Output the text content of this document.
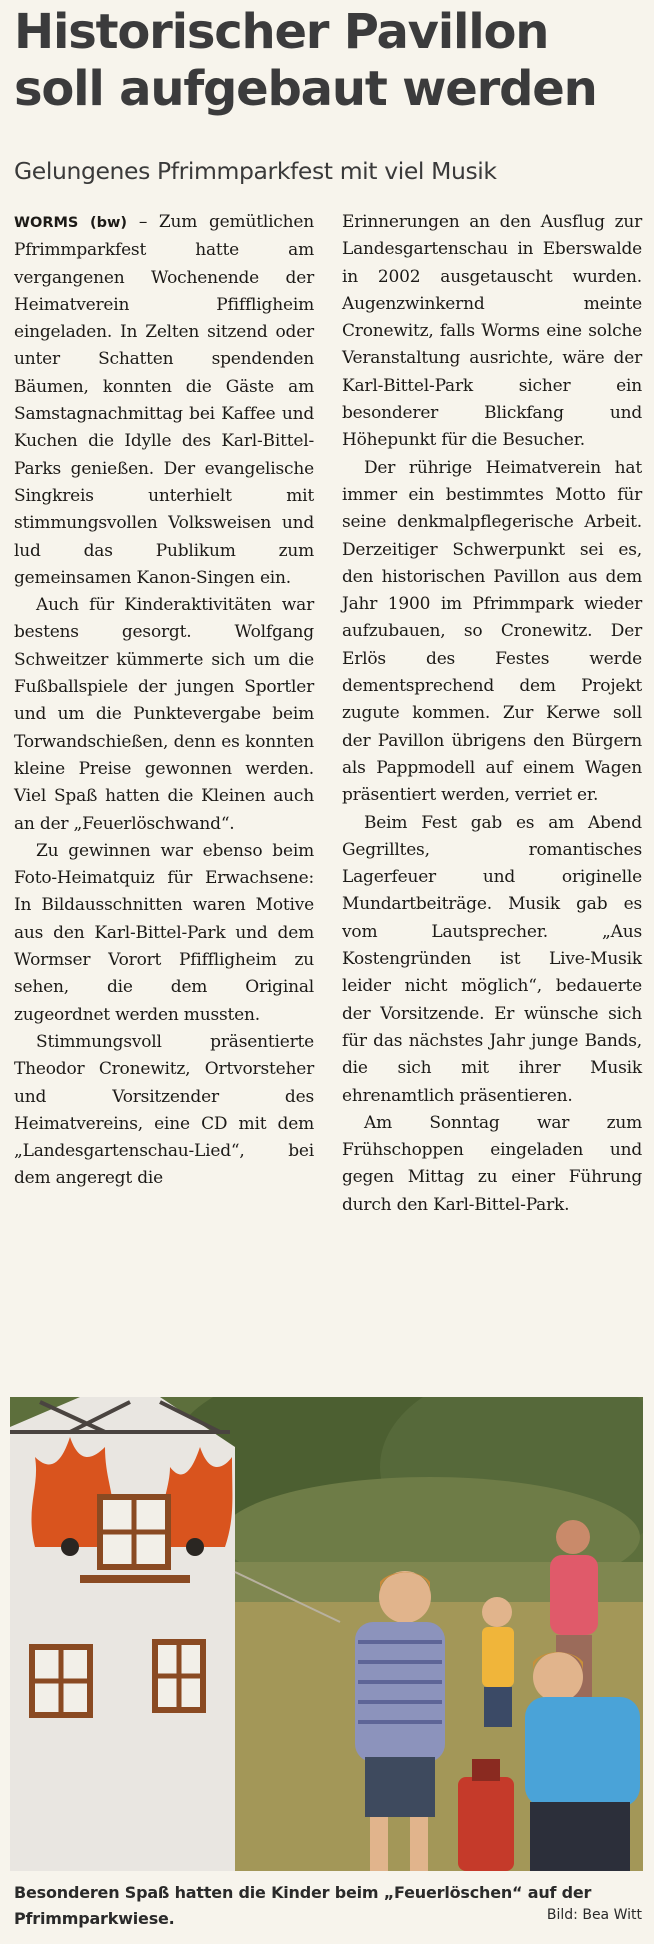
Historischer Pavillon
soll aufgebaut werden
Gelungenes Pfrimmparkfest mit viel Musik

WORMS (bw) – Zum gemütlichen Pfrimmparkfest hatte am vergangenen Wochenende der Heimatverein Pfiffligheim eingeladen. In Zelten sitzend oder unter Schatten spendenden Bäumen, konnten die Gäste am Samstagnachmittag bei Kaffee und Kuchen die Idylle des Karl-Bittel-Parks genießen. Der evangelische Singkreis unterhielt mit stimmungsvollen Volksweisen und lud das Publikum zum gemeinsamen Kanon-Singen ein.

Auch für Kinderaktivitäten war bestens gesorgt. Wolfgang Schweitzer kümmerte sich um die Fußballspiele der jungen Sportler und um die Punktevergabe beim Torwandschießen, denn es konnten kleine Preise gewonnen werden. Viel Spaß hatten die Kleinen auch an der „Feuerlöschwand“.

Zu gewinnen war ebenso beim Foto-Heimatquiz für Erwachsene: In Bildausschnitten waren Motive aus den Karl-Bittel-Park und dem Wormser Vorort Pfiffligheim zu sehen, die dem Original zugeordnet werden mussten.

Stimmungsvoll präsentierte Theodor Cronewitz, Ortvorsteher und Vorsitzender des Heimatvereins, eine CD mit dem „Landesgartenschau-Lied“, bei dem angeregt die

Erinnerungen an den Ausflug zur Landesgartenschau in Eberswalde in 2002 ausgetauscht wurden. Augenzwinkernd meinte Cronewitz, falls Worms eine solche Veranstaltung ausrichte, wäre der Karl-Bittel-Park sicher ein besonderer Blickfang und Höhepunkt für die Besucher.

Der rührige Heimatverein hat immer ein bestimmtes Motto für seine denkmalpflegerische Arbeit. Derzeitiger Schwerpunkt sei es, den historischen Pavillon aus dem Jahr 1900 im Pfrimmpark wieder aufzubauen, so Cronewitz. Der Erlös des Festes werde dementsprechend dem Projekt zugute kommen. Zur Kerwe soll der Pavillon übrigens den Bürgern als Pappmodell auf einem Wagen präsentiert werden, verriet er.

Beim Fest gab es am Abend Gegrilltes, romantisches Lagerfeuer und originelle Mundartbeiträge. Musik gab es vom Lautsprecher. „Aus Kostengründen ist Live-Musik leider nicht möglich“, bedauerte der Vorsitzende. Er wünsche sich für das nächstes Jahr junge Bands, die sich mit ihrer Musik ehrenamtlich präsentieren.

Am Sonntag war zum Frühschoppen eingeladen und gegen Mittag zu einer Führung durch den Karl-Bittel-Park.

Besonderen Spaß hatten die Kinder beim „Feuerlöschen“ auf der Pfrimmparkwiese.	Bild: Bea Witt
